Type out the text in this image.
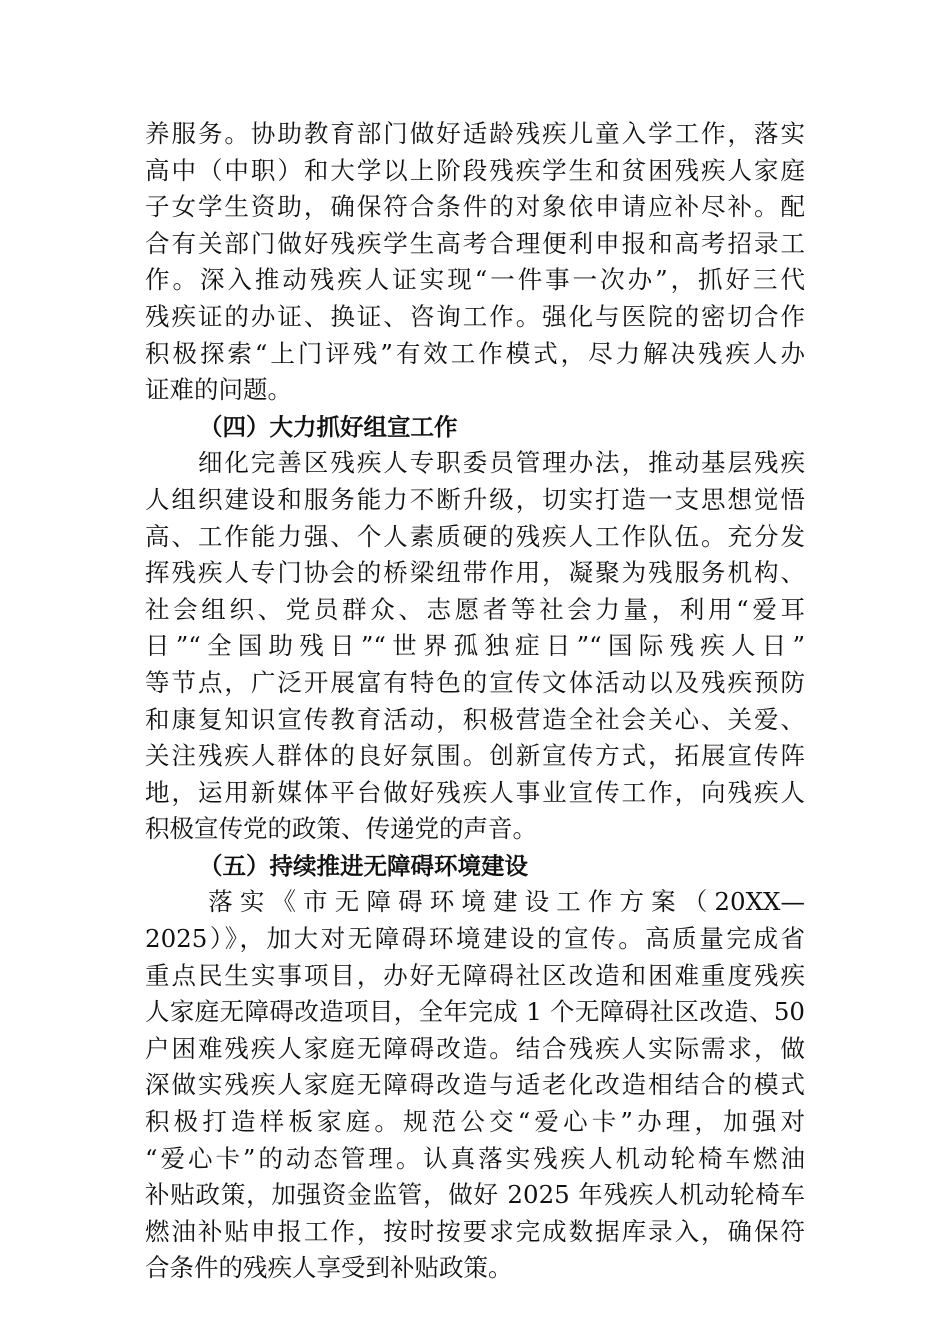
养服务。协助教育部门做好适龄残疾儿童入学工作，落实
高中（中职）和大学以上阶段残疾学生和贫困残疾人家庭
子女学生资助，确保符合条件的对象依申请应补尽补。配
合有关部门做好残疾学生高考合理便利申报和高考招录工
作。深入推动残疾人证实现“一件事一次办”，抓好三代
残疾证的办证、换证、咨询工作。强化与医院的密切合作
积极探索“上门评残”有效工作模式，尽力解决残疾人办
证难的问题。
（四）大力抓好组宣工作
　　细化完善区残疾人专职委员管理办法，推动基层残疾
人组织建设和服务能力不断升级，切实打造一支思想觉悟
高、工作能力强、个人素质硬的残疾人工作队伍。充分发
挥残疾人专门协会的桥梁纽带作用，凝聚为残服务机构、
社会组织、党员群众、志愿者等社会力量，利用“爱耳
日”“全国助残日”“世界孤独症日”“国际残疾人日”
等节点，广泛开展富有特色的宣传文体活动以及残疾预防
和康复知识宣传教育活动，积极营造全社会关心、关爱、
关注残疾人群体的良好氛围。创新宣传方式，拓展宣传阵
地，运用新媒体平台做好残疾人事业宣传工作，向残疾人
积极宣传党的政策、传递党的声音。
（五）持续推进无障碍环境建设
　　落实《市无障碍环境建设工作方案（20XX—
2025）》，加大对无障碍环境建设的宣传。高质量完成省
重点民生实事项目，办好无障碍社区改造和困难重度残疾
人家庭无障碍改造项目，全年完成 1 个无障碍社区改造、50
户困难残疾人家庭无障碍改造。结合残疾人实际需求，做
深做实残疾人家庭无障碍改造与适老化改造相结合的模式
积极打造样板家庭。规范公交“爱心卡”办理，加强对
“爱心卡”的动态管理。认真落实残疾人机动轮椅车燃油
补贴政策，加强资金监管，做好 2025 年残疾人机动轮椅车
燃油补贴申报工作，按时按要求完成数据库录入，确保符
合条件的残疾人享受到补贴政策。
